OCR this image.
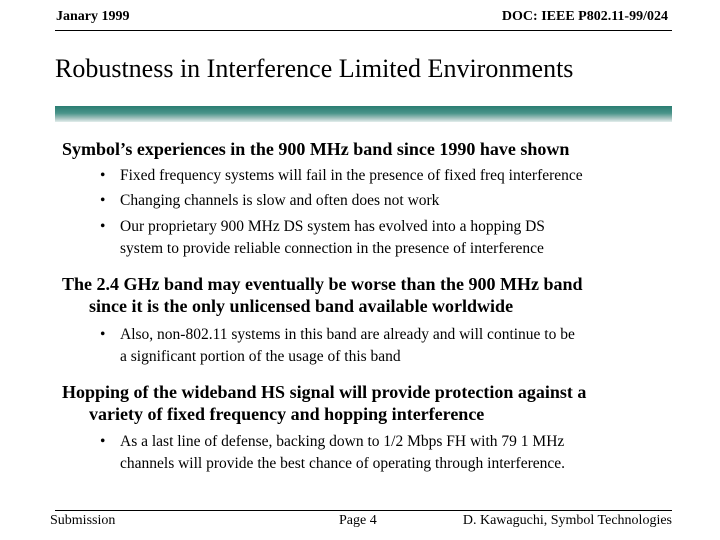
Janary 1999	DOC: IEEE P802.11-99/024
Robustness in Interference Limited Environments
Symbol’s experiences in the 900 MHz band since 1990 have shown
• Fixed frequency systems will fail in the presence of fixed freq interference
• Changing channels is slow and often does not work
• Our proprietary 900 MHz DS system has evolved into a hopping DS
system to provide reliable connection in the presence of interference
The 2.4 GHz band may eventually be worse than the 900 MHz band
since it is the only unlicensed band available worldwide
• Also, non-802.11 systems in this band are already and will continue to be
a significant portion of the usage of this band
Hopping of the wideband HS signal will provide protection against a
variety of fixed frequency and hopping interference
• As a last line of defense, backing down to 1/2 Mbps FH with 79 1 MHz
channels will provide the best chance of operating through interference.
Submission	Page 4	D. Kawaguchi, Symbol Technologies
